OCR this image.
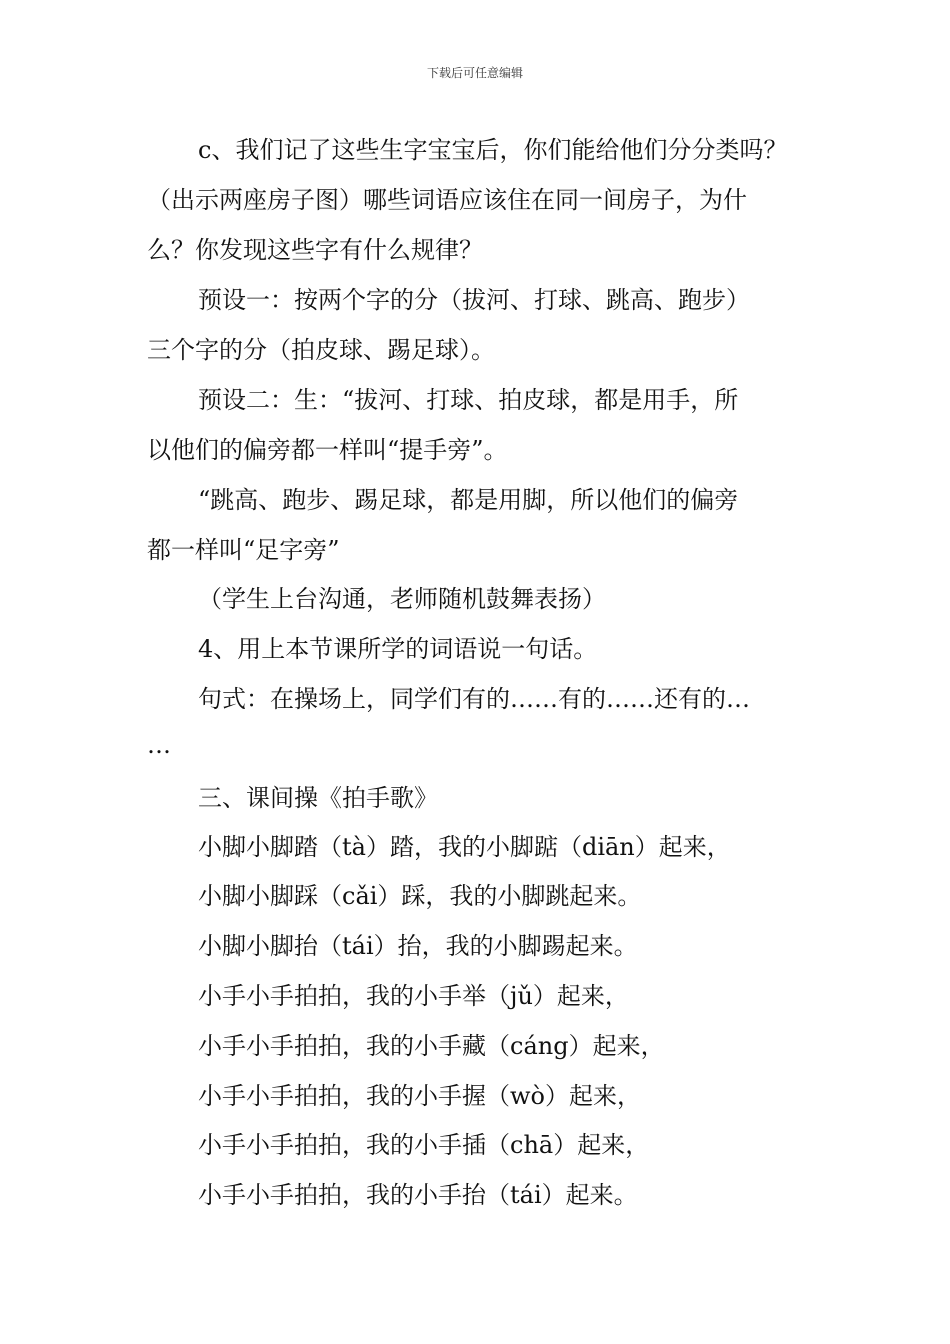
下载后可任意编辑
c、我们记了这些生字宝宝后，你们能给他们分分类吗？
（出示两座房子图）哪些词语应该住在同一间房子，为什
么？你发现这些字有什么规律？
预设一：按两个字的分（拔河、打球、跳高、跑步）
三个字的分（拍皮球、踢足球）。
预设二：生：“拔河、打球、拍皮球，都是用手，所
以他们的偏旁都一样叫“提手旁”。
“跳高、跑步、踢足球，都是用脚，所以他们的偏旁
都一样叫“足字旁”
（学生上台沟通，老师随机鼓舞表扬）
4、用上本节课所学的词语说一句话。
句式：在操场上，同学们有的……有的……还有的…
…
三、课间操《拍手歌》
小脚小脚踏（tà）踏，我的小脚踮（diān）起来，
小脚小脚踩（cǎi）踩，我的小脚跳起来。
小脚小脚抬（tái）抬，我的小脚踢起来。
小手小手拍拍，我的小手举（jǔ）起来，
小手小手拍拍，我的小手藏（cáng）起来，
小手小手拍拍，我的小手握（wò）起来，
小手小手拍拍，我的小手插（chā）起来，
小手小手拍拍，我的小手抬（tái）起来。
